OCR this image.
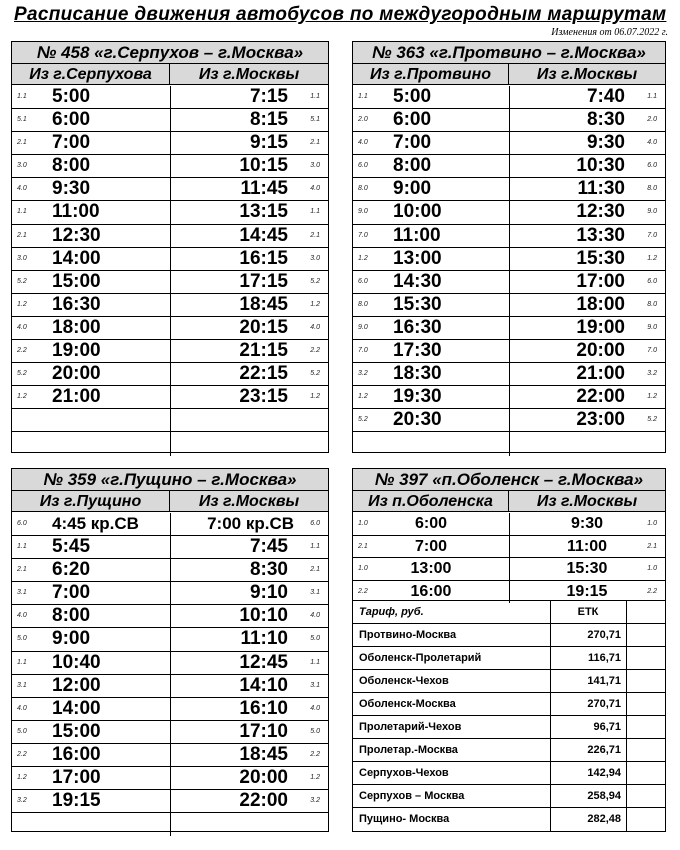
Расписание движения автобусов по междугородным маршрутам
Изменения от 06.07.2022 г.
№ 458 «г.Серпухов – г.Москва»
Из г.Серпухова	Из г.Москвы
1.1 5:00	7:15	1.1
5.1 6:00	8:15	5.1
2.1 7:00	9:15	2.1
3.0 8:00	10:15	3.0
4.0 9:30	11:45	4.0
1.1 11:00	13:15	1.1
2.1 12:30	14:45	2.1
3.0 14:00	16:15	3.0
5.2 15:00	17:15	5.2
1.2 16:30	18:45	1.2
4.0 18:00	20:15	4.0
2.2 19:00	21:15	2.2
5.2 20:00	22:15	5.2
1.2 21:00	23:15	1.2
№ 363 «г.Протвино – г.Москва»
Из г.Протвино	Из г.Москвы
1.1 5:00	7:40	1.1
2.0 6:00	8:30	2.0
4.0 7:00	9:30	4.0
6.0 8:00	10:30	6.0
8.0 9:00	11:30	8.0
9.0 10:00	12:30	9.0
7.0 11:00	13:30	7.0
1.2 13:00	15:30	1.2
6.0 14:30	17:00	6.0
8.0 15:30	18:00	8.0
9.0 16:30	19:00	9.0
7.0 17:30	20:00	7.0
3.2 18:30	21:00	3.2
1.2 19:30	22:00	1.2
5.2 20:30	23:00	5.2
№ 359 «г.Пущино – г.Москва»
Из г.Пущино	Из г.Москвы
6.0 4:45 кр.СВ	7:00 кр.СВ 6.0
1.1 5:45	7:45	1.1
2.1 6:20	8:30	2.1
3.1 7:00	9:10	3.1
4.0 8:00	10:10	4.0
5.0 9:00	11:10	5.0
1.1 10:40	12:45	1.1
3.1 12:00	14:10	3.1
4.0 14:00	16:10	4.0
5.0 15:00	17:10	5.0
2.2 16:00	18:45	2.2
1.2 17:00	20:00	1.2
3.2 19:15	22:00	3.2
№ 397 «п.Оболенск – г.Москва»
Из п.Оболенска	Из г.Москвы
1.0	6:00	9:30	1.0
2.1	7:00	11:00	2.1
1.0	13:00	15:30	1.0
2.2	16:00	19:15	2.2
Тариф, руб.	ЕТК
Протвино-Москва	270,71
Оболенск-Пролетарий	116,71
Оболенск-Чехов	141,71
Оболенск-Москва	270,71
Пролетарий-Чехов	96,71
Пролетар.-Москва	226,71
Серпухов-Чехов	142,94
Серпухов – Москва	258,94
Пущино- Москва	282,48
